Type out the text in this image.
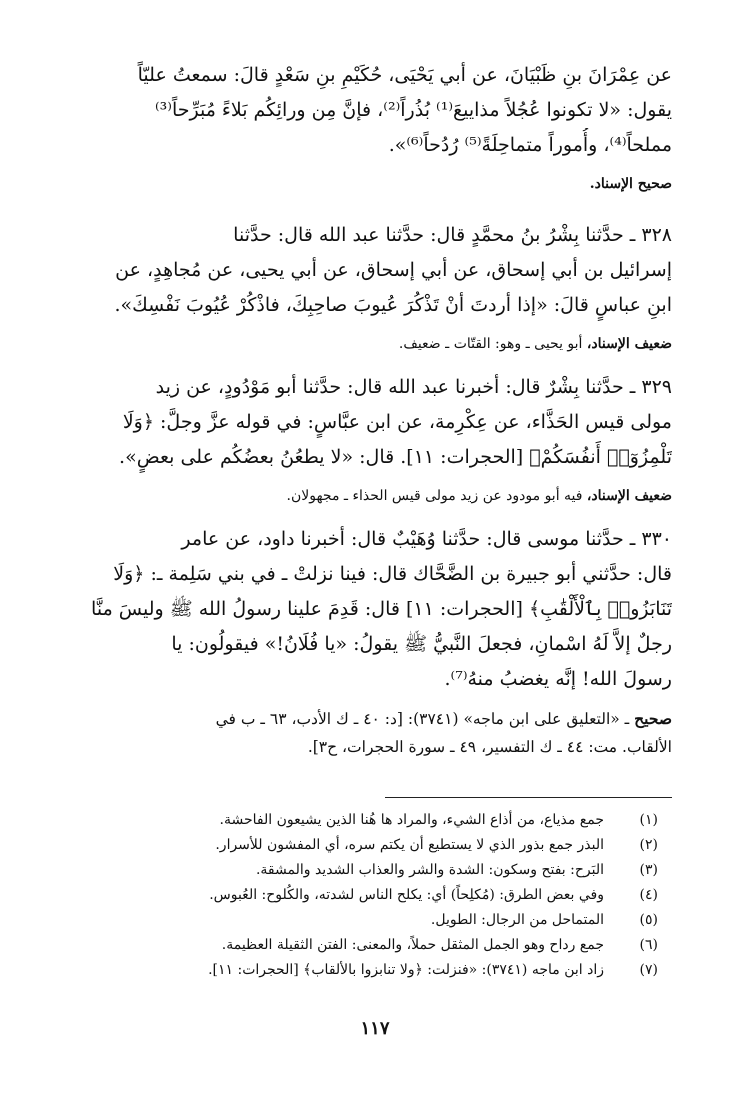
عن عِمْرَانَ بنِ ظَبْيَانَ، عن أبي يَحْيَى، حُكَيْمِ بنِ سَعْدٍ قالَ: سمعتُ عليّاً
يقول: «لا تكونوا عُجُلاً مذاييعَ⁽¹⁾ بُذُراً⁽²⁾، فإنَّ مِن ورائِكُم بَلاءً مُبَرِّحاً⁽³⁾
مملحاً⁽⁴⁾، وأُموراً متماحِلَةً⁽⁵⁾ رُدُحاً⁽⁶⁾».

صحيح الإسناد.

٣٢٨ ـ حدَّثنا بِشْرُ بنُ محمَّدٍ قال: حدَّثنا عبد الله قال: حدَّثنا
إسرائيل بن أبي إسحاق، عن أبي إسحاق، عن أبي يحيى، عن مُجاهِدٍ، عن
ابنِ عباسٍ قالَ: «إذا أردتَ أنْ تَذْكُرَ عُيوبَ صاحِبِكَ، فاذْكُرْ عُيُوبَ نَفْسِكَ».

ضعيف الإسناد، أبو يحيى ـ وهو: القتّات ـ ضعيف.

٣٢٩ ـ حدَّثنا بِشْرٌ قال: أخبرنا عبد الله قال: حدَّثنا أبو مَوْدُودٍ، عن زيد
مولى قيس الحَذَّاء، عن عِكْرِمة، عن ابن عبَّاسٍ: في قوله عزَّ وجلَّ: ﴿وَلَا
تَلْمِزُوٓا۟ أَنفُسَكُمْ﴾ [الحجرات: ١١]. قال: «لا يطعُنُ بعضُكُم على بعضٍ».

ضعيف الإسناد، فيه أبو مودود عن زيد مولى قيس الحذاء ـ مجهولان.

٣٣٠ ـ حدَّثنا موسى قال: حدَّثنا وُهَيْبٌ قال: أخبرنا داود، عن عامر
قال: حدَّثني أبو جبيرة بن الضَّحَّاك قال: فينا نزلتْ ـ في بني سَلِمة ـ: ﴿وَلَا
تَنَابَزُوا۟ بِٱلْأَلْقَٰبِ﴾ [الحجرات: ١١] قال: قَدِمَ علينا رسولُ الله ﷺ وليسَ منَّا
رجلٌ إلاَّ لَهُ اسْمانِ، فجعلَ النَّبيُّ ﷺ يقولُ: «يا فُلَانُ!» فيقولُون: يا
رسولَ الله! إنَّه يغضبُ منهُ⁽⁷⁾.
صحيح ـ «التعليق على ابن ماجه» (٣٧٤١): [د: ٤٠ ـ ك الأدب، ٦٣ ـ ب في
الألقاب. مت: ٤٤ ـ ك التفسير، ٤٩ ـ سورة الحجرات، ح٣].
(١)
جمع مذياع، من أذاع الشيء، والمراد ها هُنا الذين يشيعون الفاحشة.
(٢)
البذر جمع بذور الذي لا يستطيع أن يكتم سره، أي المفشون للأسرار.
(٣)
البَرح: بفتح وسكون: الشدة والشر والعذاب الشديد والمشقة.
(٤)
وفي بعض الطرق: (مُكلِحاً) أي: يكلح الناس لشدته، والكُلوح: العُبوس.
(٥)
المتماحل من الرجال: الطويل.
(٦)
جمع رداح وهو الجمل المثقل حملاً، والمعنى: الفتن الثقيلة العظيمة.
(٧)
زاد ابن ماجه (٣٧٤١): «فنزلت: ﴿ولا تنابزوا بالألقاب﴾ [الحجرات: ١١].
١١٧
